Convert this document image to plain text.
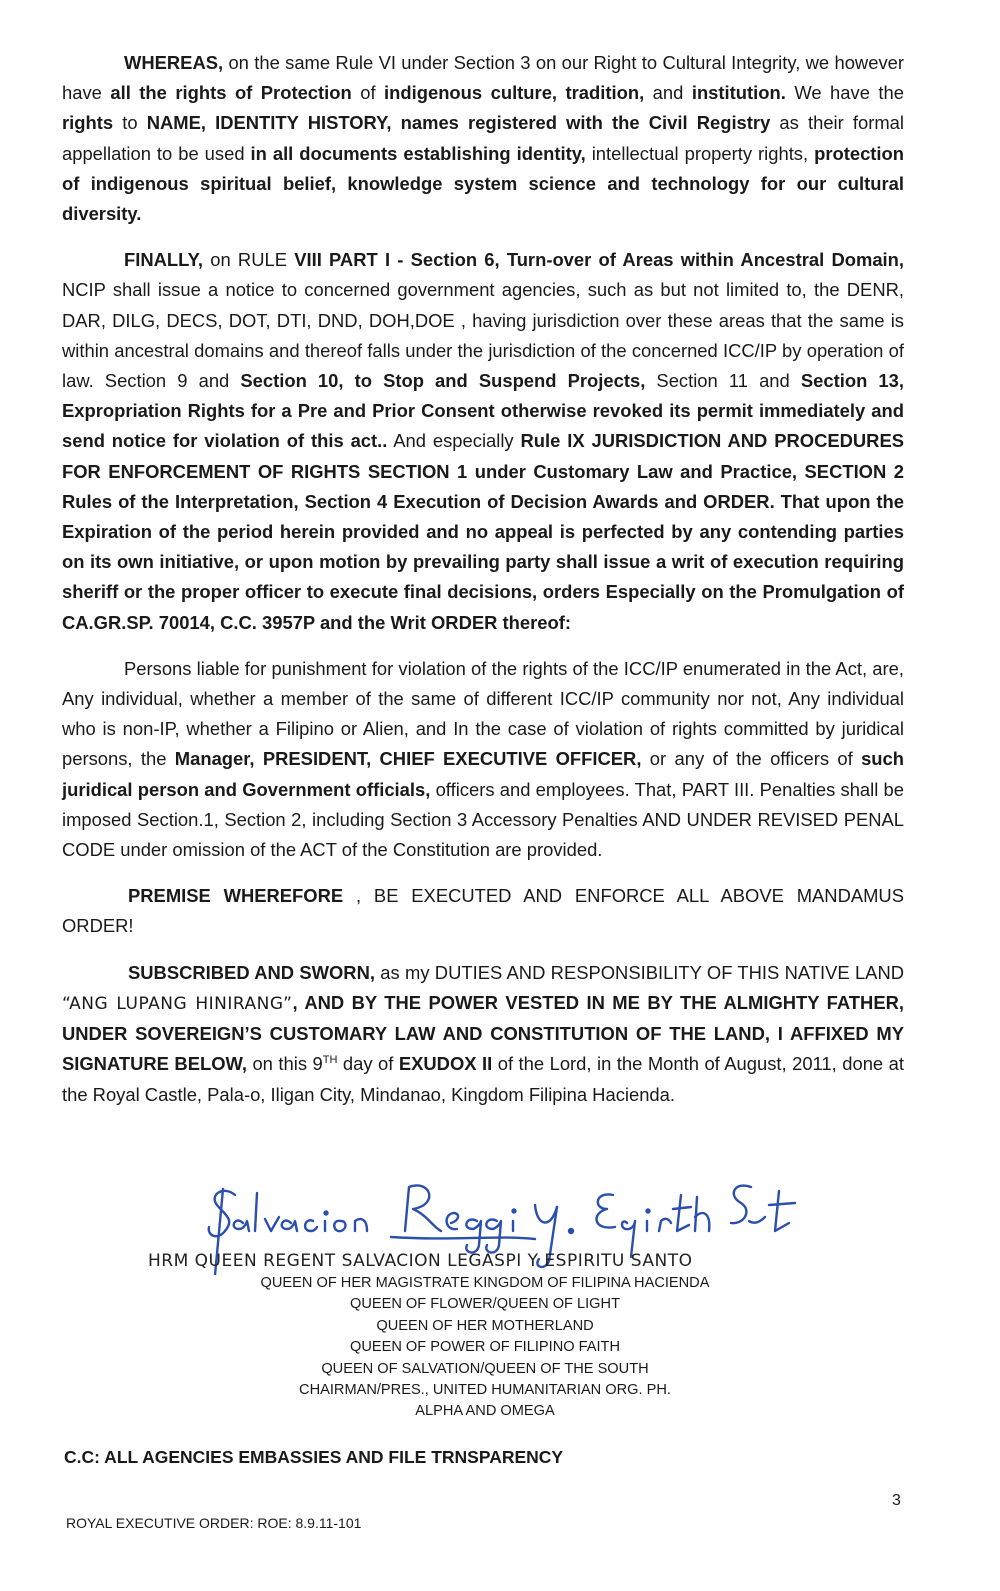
WHEREAS, on the same Rule VI under Section 3 on our Right to Cultural Integrity, we however have all the rights of Protection of indigenous culture, tradition, and institution. We have the rights to NAME, IDENTITY HISTORY, names registered with the Civil Registry as their formal appellation to be used in all documents establishing identity, intellectual property rights, protection of indigenous spiritual belief, knowledge system science and technology for our cultural diversity.

FINALLY, on RULE VIII PART I - Section 6, Turn-over of Areas within Ancestral Domain, NCIP shall issue a notice to concerned government agencies, such as but not limited to, the DENR, DAR, DILG, DECS, DOT, DTI, DND, DOH,DOE , having jurisdiction over these areas that the same is within ancestral domains and thereof falls under the jurisdiction of the concerned ICC/IP by operation of law. Section 9 and Section 10, to Stop and Suspend Projects, Section 11 and Section 13, Expropriation Rights for a Pre and Prior Consent otherwise revoked its permit immediately and send notice for violation of this act.. And especially Rule IX JURISDICTION AND PROCEDURES FOR ENFORCEMENT OF RIGHTS SECTION 1 under Customary Law and Practice, SECTION 2 Rules of the Interpretation, Section 4 Execution of Decision Awards and ORDER. That upon the Expiration of the period herein provided and no appeal is perfected by any contending parties on its own initiative, or upon motion by prevailing party shall issue a writ of execution requiring sheriff or the proper officer to execute final decisions, orders Especially on the Promulgation of CA.GR.SP. 70014, C.C. 3957P and the Writ ORDER thereof:

Persons liable for punishment for violation of the rights of the ICC/IP enumerated in the Act, are, Any individual, whether a member of the same of different ICC/IP community nor not, Any individual who is non-IP, whether a Filipino or Alien, and In the case of violation of rights committed by juridical persons, the Manager, PRESIDENT, CHIEF EXECUTIVE OFFICER, or any of the officers of such juridical person and Government officials, officers and employees. That, PART III. Penalties shall be imposed Section.1, Section 2, including Section 3 Accessory Penalties AND UNDER REVISED PENAL CODE under omission of the ACT of the Constitution are provided.

PREMISE WHEREFORE , BE EXECUTED AND ENFORCE ALL ABOVE MANDAMUS ORDER!

SUBSCRIBED AND SWORN, as my DUTIES AND RESPONSIBILITY OF THIS NATIVE LAND “ANG LUPANG HINIRANG”, AND BY THE POWER VESTED IN ME BY THE ALMIGHTY FATHER, UNDER SOVEREIGN’S CUSTOMARY LAW AND CONSTITUTION OF THE LAND, I AFFIXED MY SIGNATURE BELOW, on this 9TH day of EXUDOX II of the Lord, in the Month of August, 2011, done at the Royal Castle, Pala-o, Iligan City, Mindanao, Kingdom Filipina Hacienda.

HRM QUEEN REGENT SALVACION LEGASPI Y ESPIRITU SANTO
QUEEN OF HER MAGISTRATE KINGDOM OF FILIPINA HACIENDA
QUEEN OF FLOWER/QUEEN OF LIGHT
QUEEN OF HER MOTHERLAND
QUEEN OF POWER OF FILIPINO FAITH
QUEEN OF SALVATION/QUEEN OF THE SOUTH
CHAIRMAN/PRES., UNITED HUMANITARIAN ORG. PH.
ALPHA AND OMEGA
C.C: ALL AGENCIES EMBASSIES AND FILE TRNSPARENCY
3
ROYAL EXECUTIVE ORDER: ROE: 8.9.11-101
